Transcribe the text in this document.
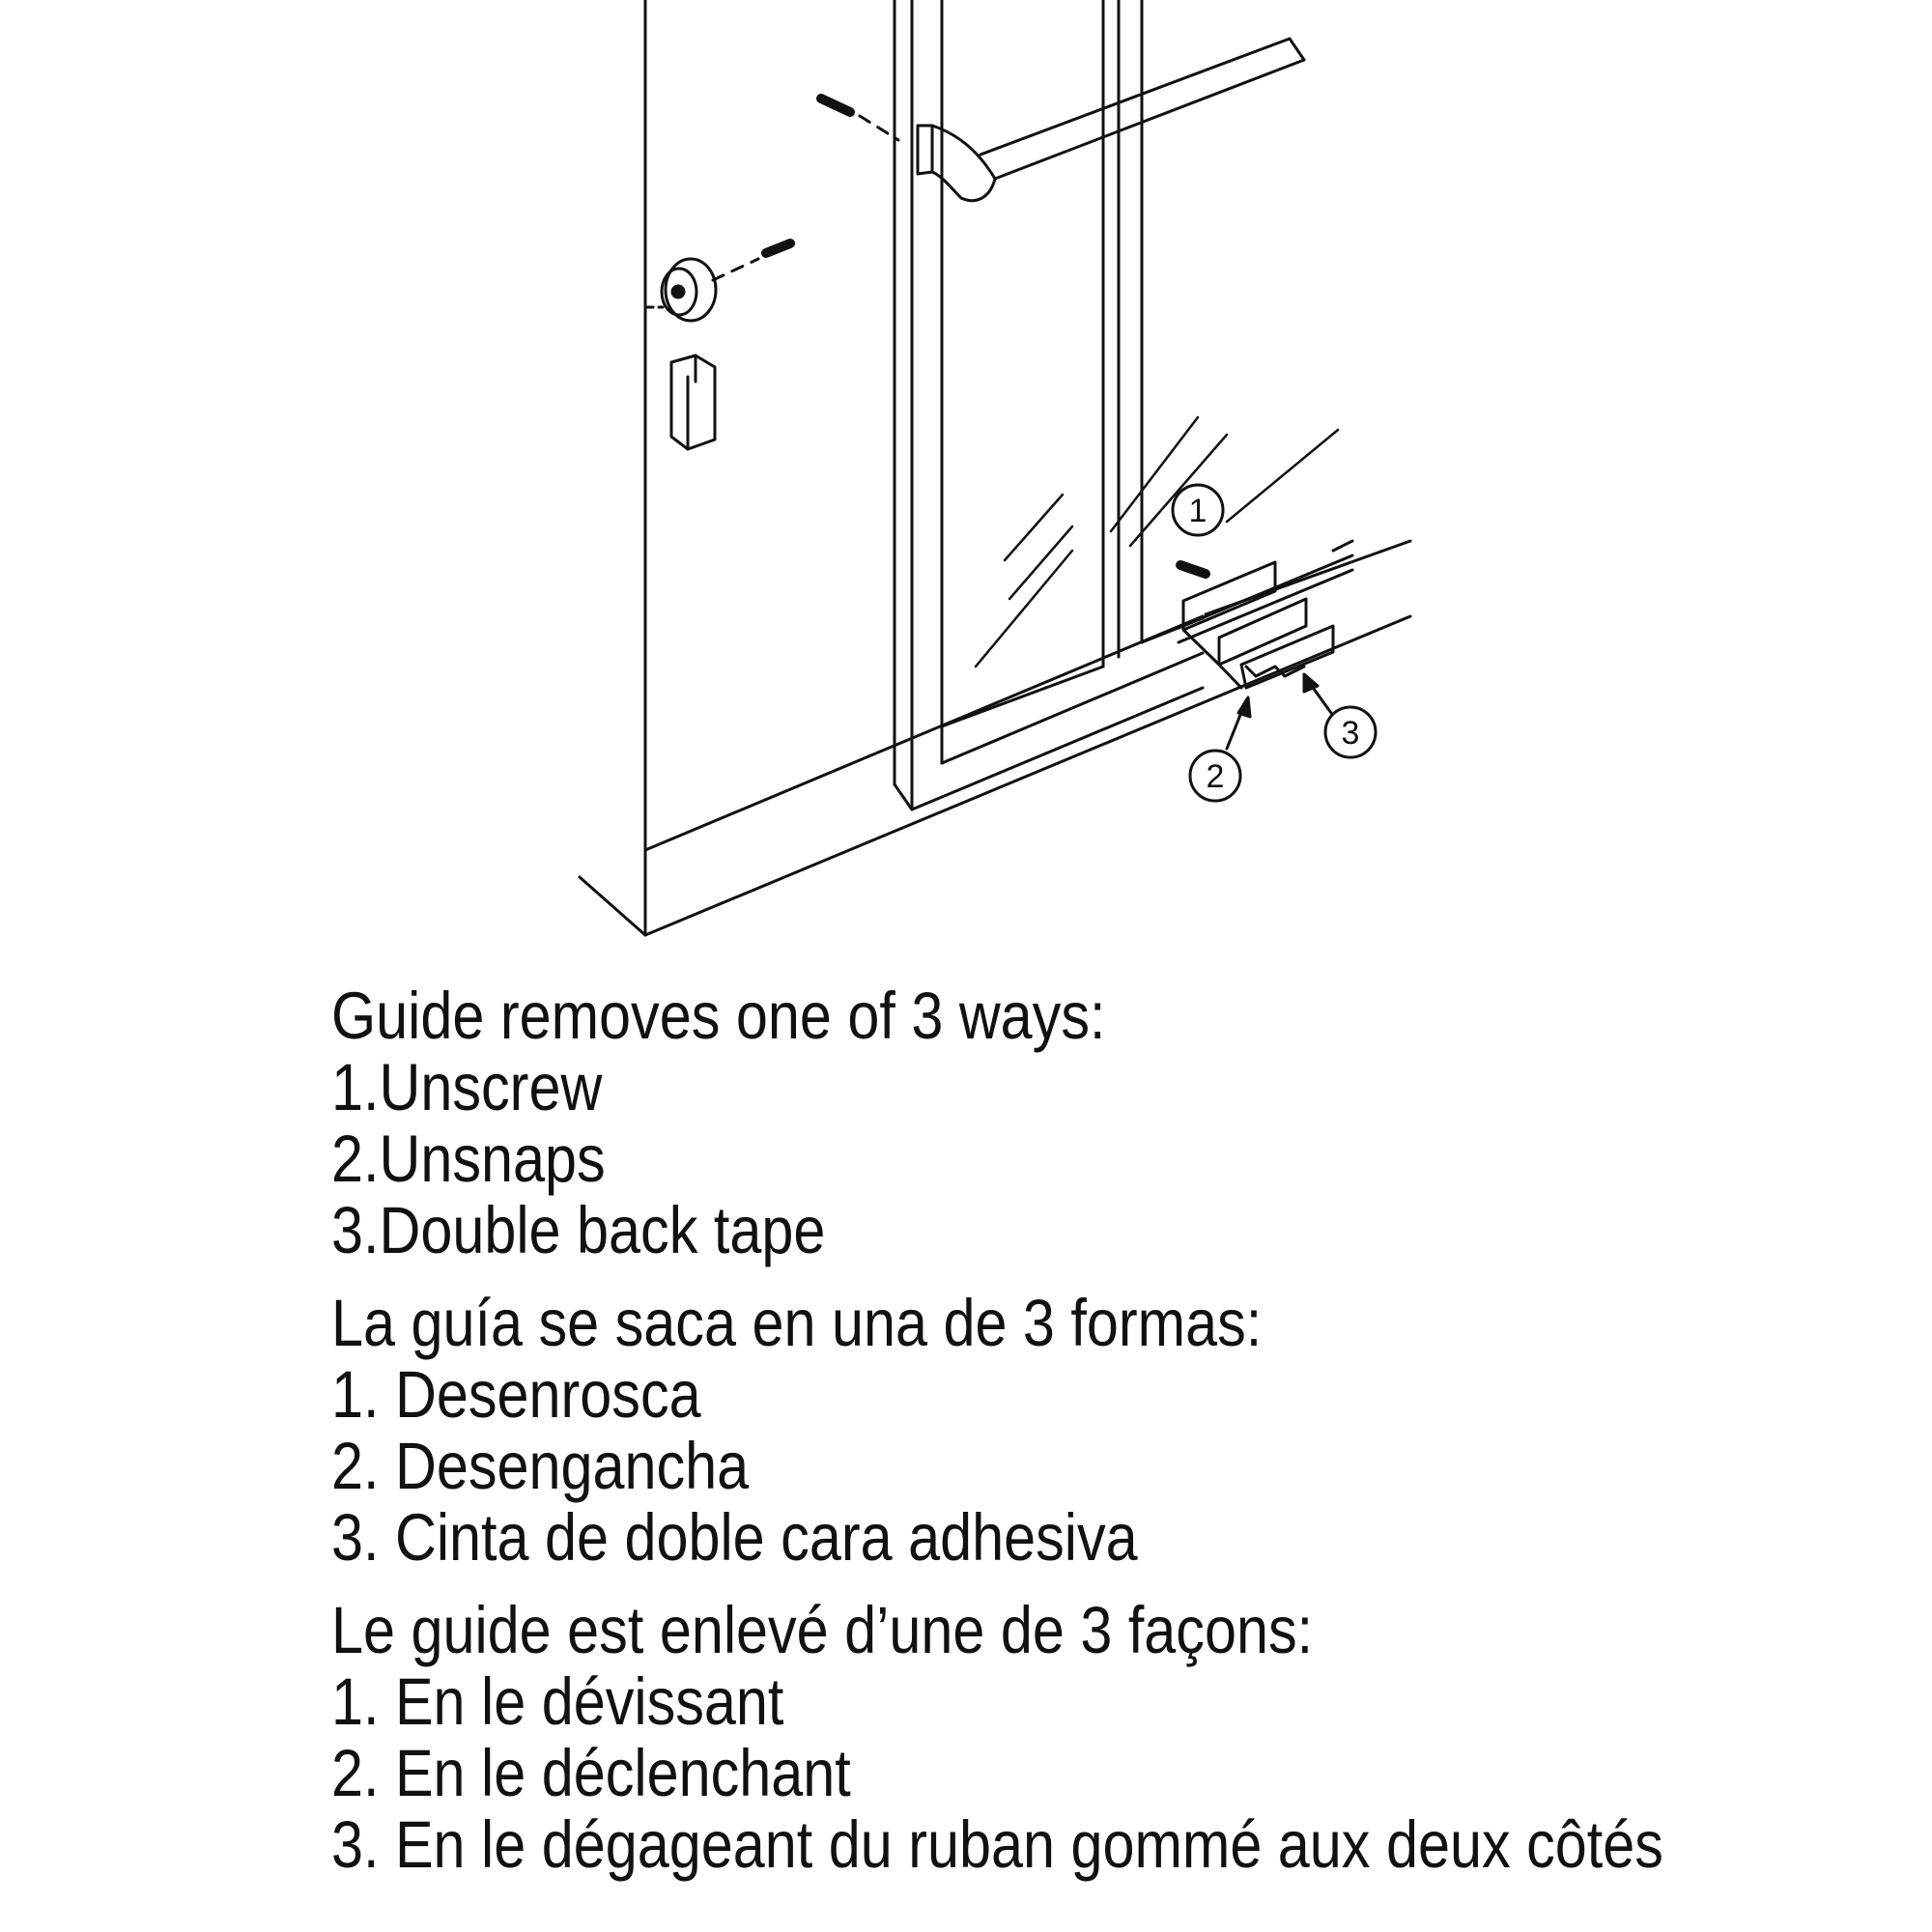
1
2
3
Guide removes one of 3 ways:
1.Unscrew
2.Unsnaps
3.Double back tape
La guía se saca en una de 3 formas:
1. Desenrosca
2. Desengancha
3. Cinta de doble cara adhesiva
Le guide est enlevé d’une de 3 façons:
1. En le dévissant
2. En le déclenchant
3. En le dégageant du ruban gommé aux deux côtés
